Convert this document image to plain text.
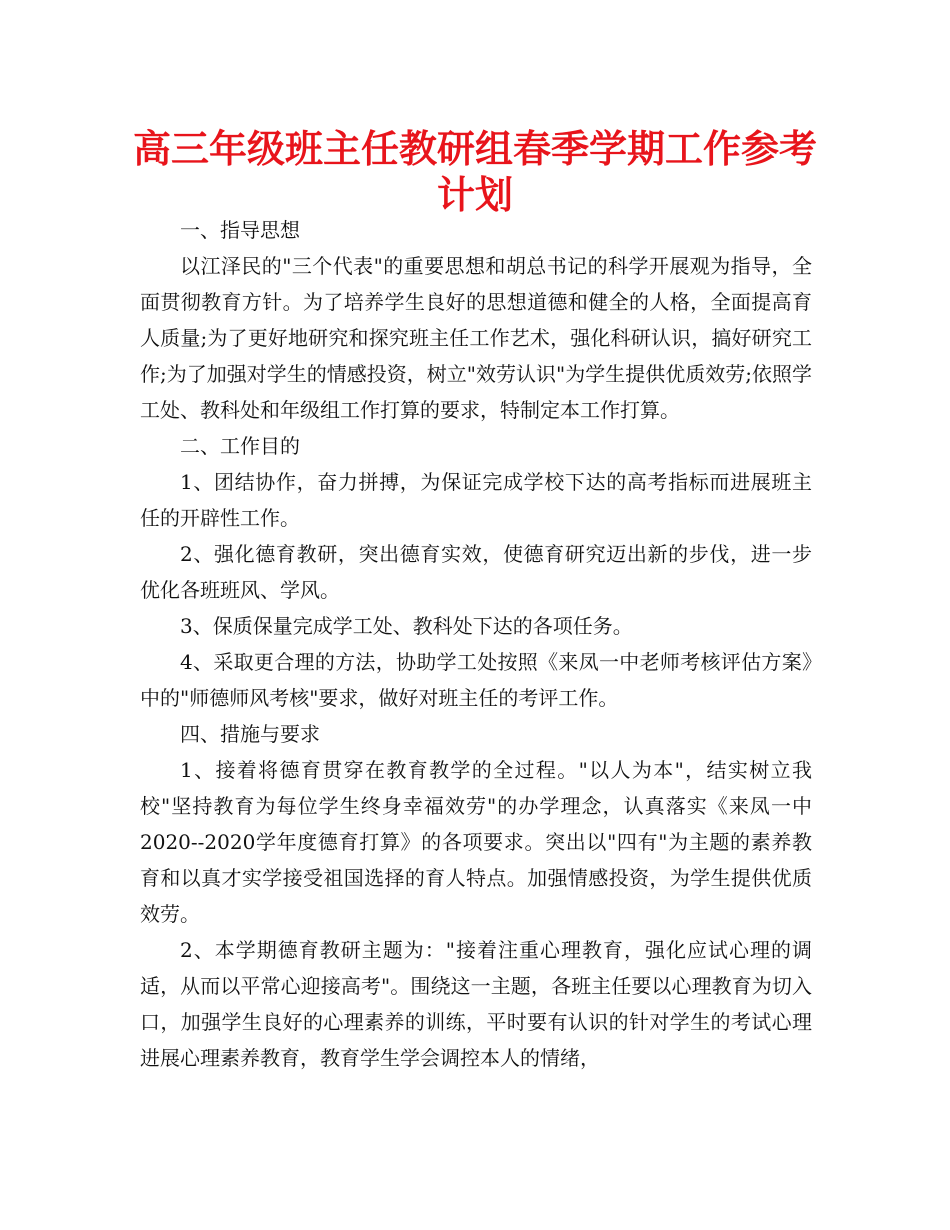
高三年级班主任教研组春季学期工作参考
计划

一、指导思想

以江泽民的"三个代表"的重要思想和胡总书记的科学开展观为指导，全面贯彻教育方针。为了培养学生良好的思想道德和健全的人格，全面提高育人质量;为了更好地研究和探究班主任工作艺术，强化科研认识，搞好研究工作;为了加强对学生的情感投资，树立"效劳认识"为学生提供优质效劳;依照学工处、教科处和年级组工作打算的要求，特制定本工作打算。

二、工作目的

1、团结协作，奋力拼搏，为保证完成学校下达的高考指标而进展班主任的开辟性工作。

2、强化德育教研，突出德育实效，使德育研究迈出新的步伐，进一步优化各班班风、学风。

3、保质保量完成学工处、教科处下达的各项任务。

4、采取更合理的方法，协助学工处按照《来凤一中老师考核评估方案》中的"师德师风考核"要求，做好对班主任的考评工作。

四、措施与要求

1、接着将德育贯穿在教育教学的全过程。"以人为本"，结实树立我校"坚持教育为每位学生终身幸福效劳"的办学理念，认真落实《来凤一中2020--2020学年度德育打算》的各项要求。突出以"四有"为主题的素养教育和以真才实学接受祖国选择的育人特点。加强情感投资，为学生提供优质效劳。

2、本学期德育教研主题为："接着注重心理教育，强化应试心理的调适，从而以平常心迎接高考"。围绕这一主题，各班主任要以心理教育为切入口，加强学生良好的心理素养的训练，平时要有认识的针对学生的考试心理进展心理素养教育，教育学生学会调控本人的情绪，
